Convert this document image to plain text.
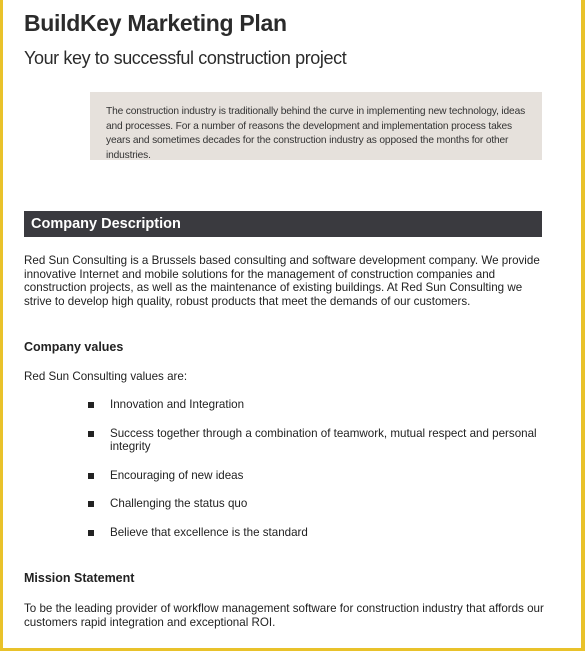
BuildKey Marketing Plan
Your key to successful construction project
The construction industry is traditionally behind the curve in implementing new technology, ideas and processes. For a number of reasons the development and implementation process takes years and sometimes decades for the construction industry as opposed the months for other industries.
Company Description
Red Sun Consulting is a Brussels based consulting and software development company. We provide innovative Internet and mobile solutions for the management of construction companies and construction projects, as well as the maintenance of existing buildings. At Red Sun Consulting we strive to develop high quality, robust products that meet the demands of our customers.
Company values
Red Sun Consulting values are:
Innovation and Integration
Success together through a combination of teamwork, mutual respect and personal integrity
Encouraging of new ideas
Challenging the status quo
Believe that excellence is the standard
Mission Statement
To be the leading provider of workflow management software for construction industry that affords our customers rapid integration and exceptional ROI.
